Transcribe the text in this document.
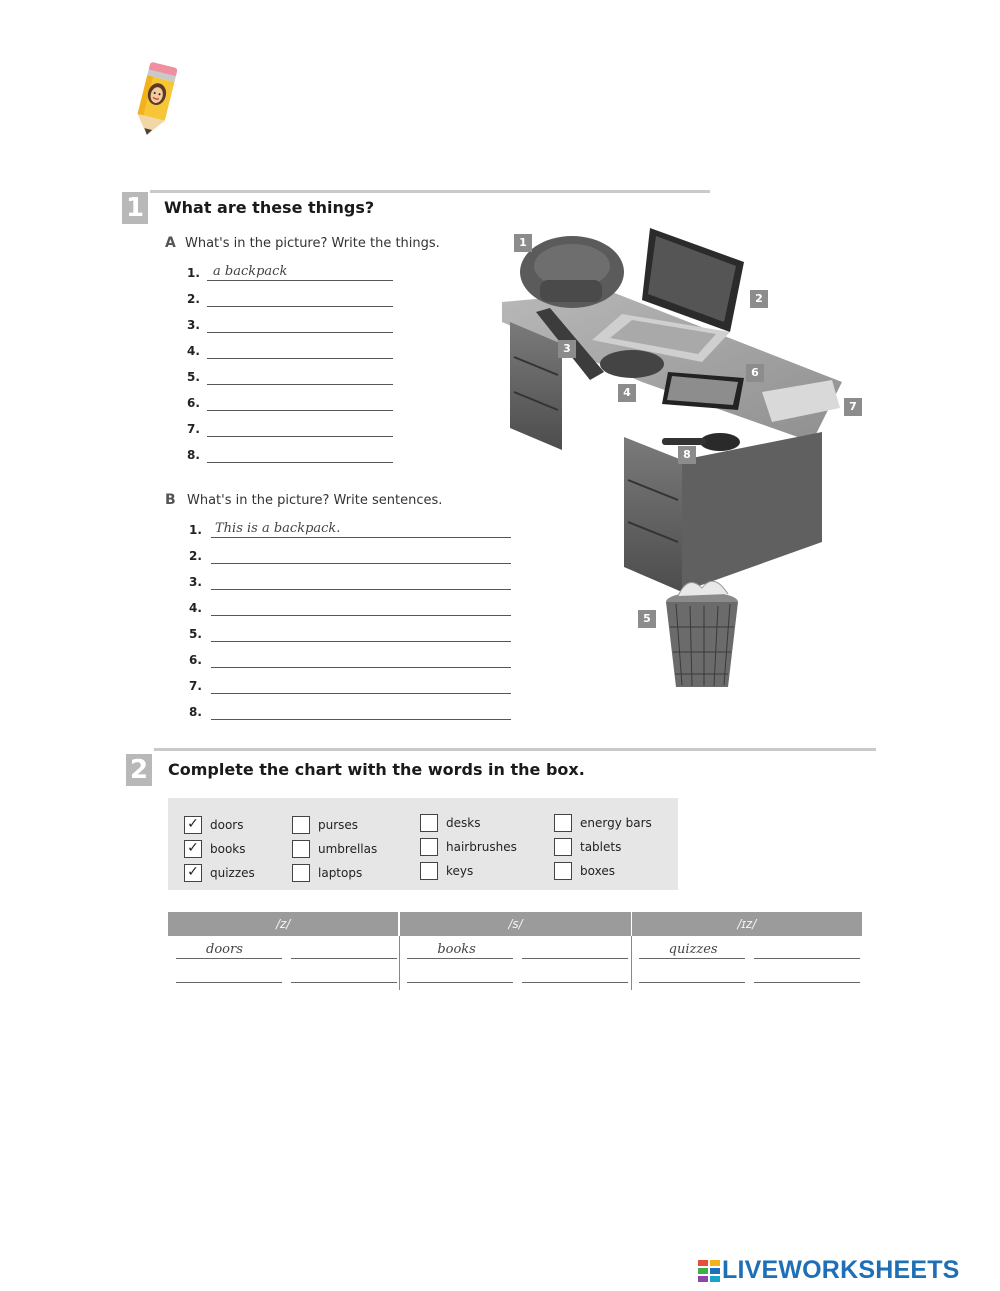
1 What are these things?
A What's in the picture? Write the things.
1. a backpack
2.
3.
4.
5.
6.
7.
8.
B What's in the picture? Write sentences.
1. This is a backpack.
2.
3.
4.
5.
6.
7.
8.
1
2
3
4
5
6
7
8
2 Complete the chart with the words in the box.
✓ doors
✓ books
✓ quizzes
purses
umbrellas
laptops
desks
hairbrushes
keys
energy bars
tablets
boxes
/z/
doors
/s/
books
/ɪz/
quizzes
LIVEWORKSHEETS
